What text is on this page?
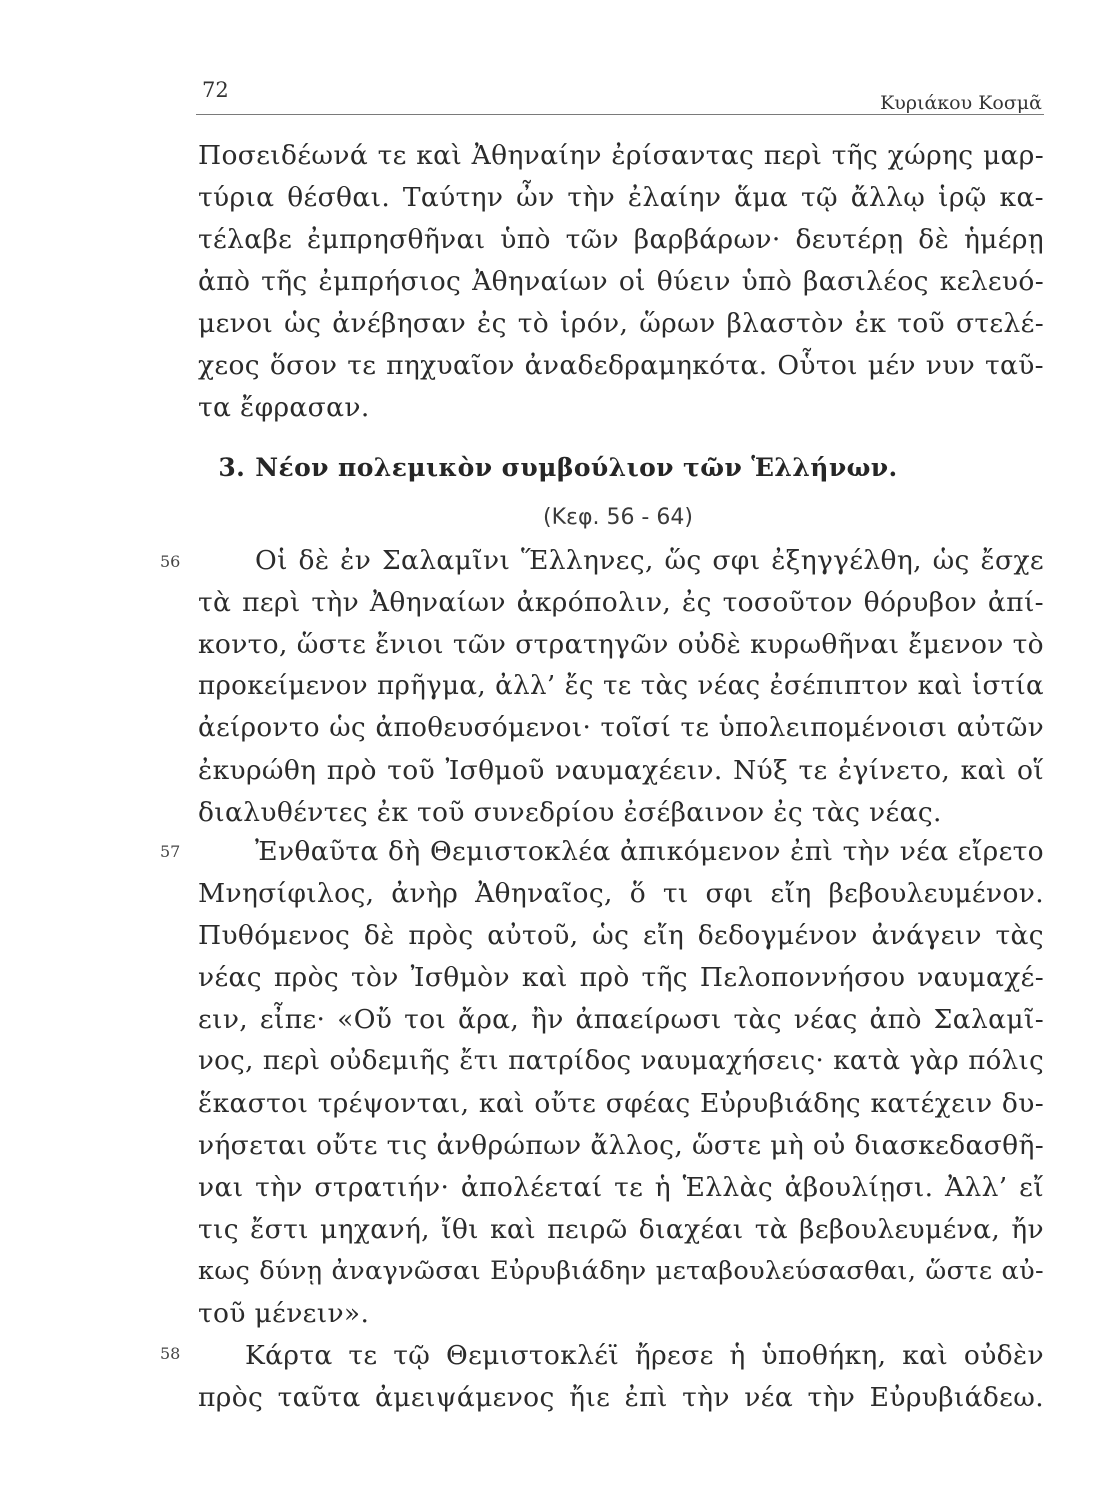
72
Κυριάκου Κοσμᾶ
Ποσειδέωνά τε καὶ Ἀθηναίην ἐρίσαντας περὶ τῆς χώρης μαρ-
τύρια θέσθαι. Ταύτην ὦν τὴν ἐλαίην ἅμα τῷ ἄλλῳ ἱρῷ κα-
τέλαβε ἐμπρησθῆναι ὑπὸ τῶν βαρβάρων· δευτέρῃ δὲ ἡμέρῃ
ἀπὸ τῆς ἐμπρήσιος Ἀθηναίων οἱ θύειν ὑπὸ βασιλέος κελευό-
μενοι ὡς ἀνέβησαν ἐς τὸ ἱρόν, ὥρων βλαστὸν ἐκ τοῦ στελέ-
χεος ὅσον τε πηχυαῖον ἀναδεδραμηκότα. Οὗτοι μέν νυν ταῦ-
τα ἔφρασαν.
3. Νέον πολεμικὸν συμβούλιον τῶν Ἑλλήνων.
(Κεφ. 56 - 64)
56	Οἱ δὲ ἐν Σαλαμῖνι Ἕλληνες, ὥς σφι ἐξηγγέλθη, ὡς ἔσχε
τὰ περὶ τὴν Ἀθηναίων ἀκρόπολιν, ἐς τοσοῦτον θόρυβον ἀπί-
κοντο, ὥστε ἔνιοι τῶν στρατηγῶν οὐδὲ κυρωθῆναι ἔμενον τὸ
προκείμενον πρῆγμα, ἀλλ’ ἔς τε τὰς νέας ἐσέπιπτον καὶ ἱστία
ἀείροντο ὡς ἀποθευσόμενοι· τοῖσί τε ὑπολειπομένοισι αὐτῶν
ἐκυρώθη πρὸ τοῦ Ἰσθμοῦ ναυμαχέειν. Νύξ τε ἐγίνετο, καὶ οἵ
διαλυθέντες ἐκ τοῦ συνεδρίου ἐσέβαινον ἐς τὰς νέας.
57	Ἐνθαῦτα δὴ Θεμιστοκλέα ἀπικόμενον ἐπὶ τὴν νέα εἴρετο
Μνησίφιλος, ἀνὴρ Ἀθηναῖος, ὅ τι σφι εἴη βεβουλευμένον.
Πυθόμενος δὲ πρὸς αὐτοῦ, ὡς εἴη δεδογμένον ἀνάγειν τὰς
νέας πρὸς τὸν Ἰσθμὸν καὶ πρὸ τῆς Πελοποννήσου ναυμαχέ-
ειν, εἶπε· «Οὔ τοι ἄρα, ἢν ἀπαείρωσι τὰς νέας ἀπὸ Σαλαμῖ-
νος, περὶ οὐδεμιῆς ἔτι πατρίδος ναυμαχήσεις· κατὰ γὰρ πόλις
ἕκαστοι τρέψονται, καὶ οὔτε σφέας Εὐρυβιάδης κατέχειν δυ-
νήσεται οὔτε τις ἀνθρώπων ἄλλος, ὥστε μὴ οὐ διασκεδασθῆ-
ναι τὴν στρατιήν· ἀπολέεταί τε ἡ Ἑλλὰς ἀβουλίῃσι. Ἀλλ’ εἴ
τις ἔστι μηχανή, ἴθι καὶ πειρῶ διαχέαι τὰ βεβουλευμένα, ἤν
κως δύνῃ ἀναγνῶσαι Εὐρυβιάδην μεταβουλεύσασθαι, ὥστε αὐ-
τοῦ μένειν».
58 Κάρτα τε τῷ Θεμιστοκλέϊ ἤρεσε ἡ ὑποθήκη, καὶ οὐδὲν
πρὸς ταῦτα ἀμειψάμενος ἤιε ἐπὶ τὴν νέα τὴν Εὐρυβιάδεω.
